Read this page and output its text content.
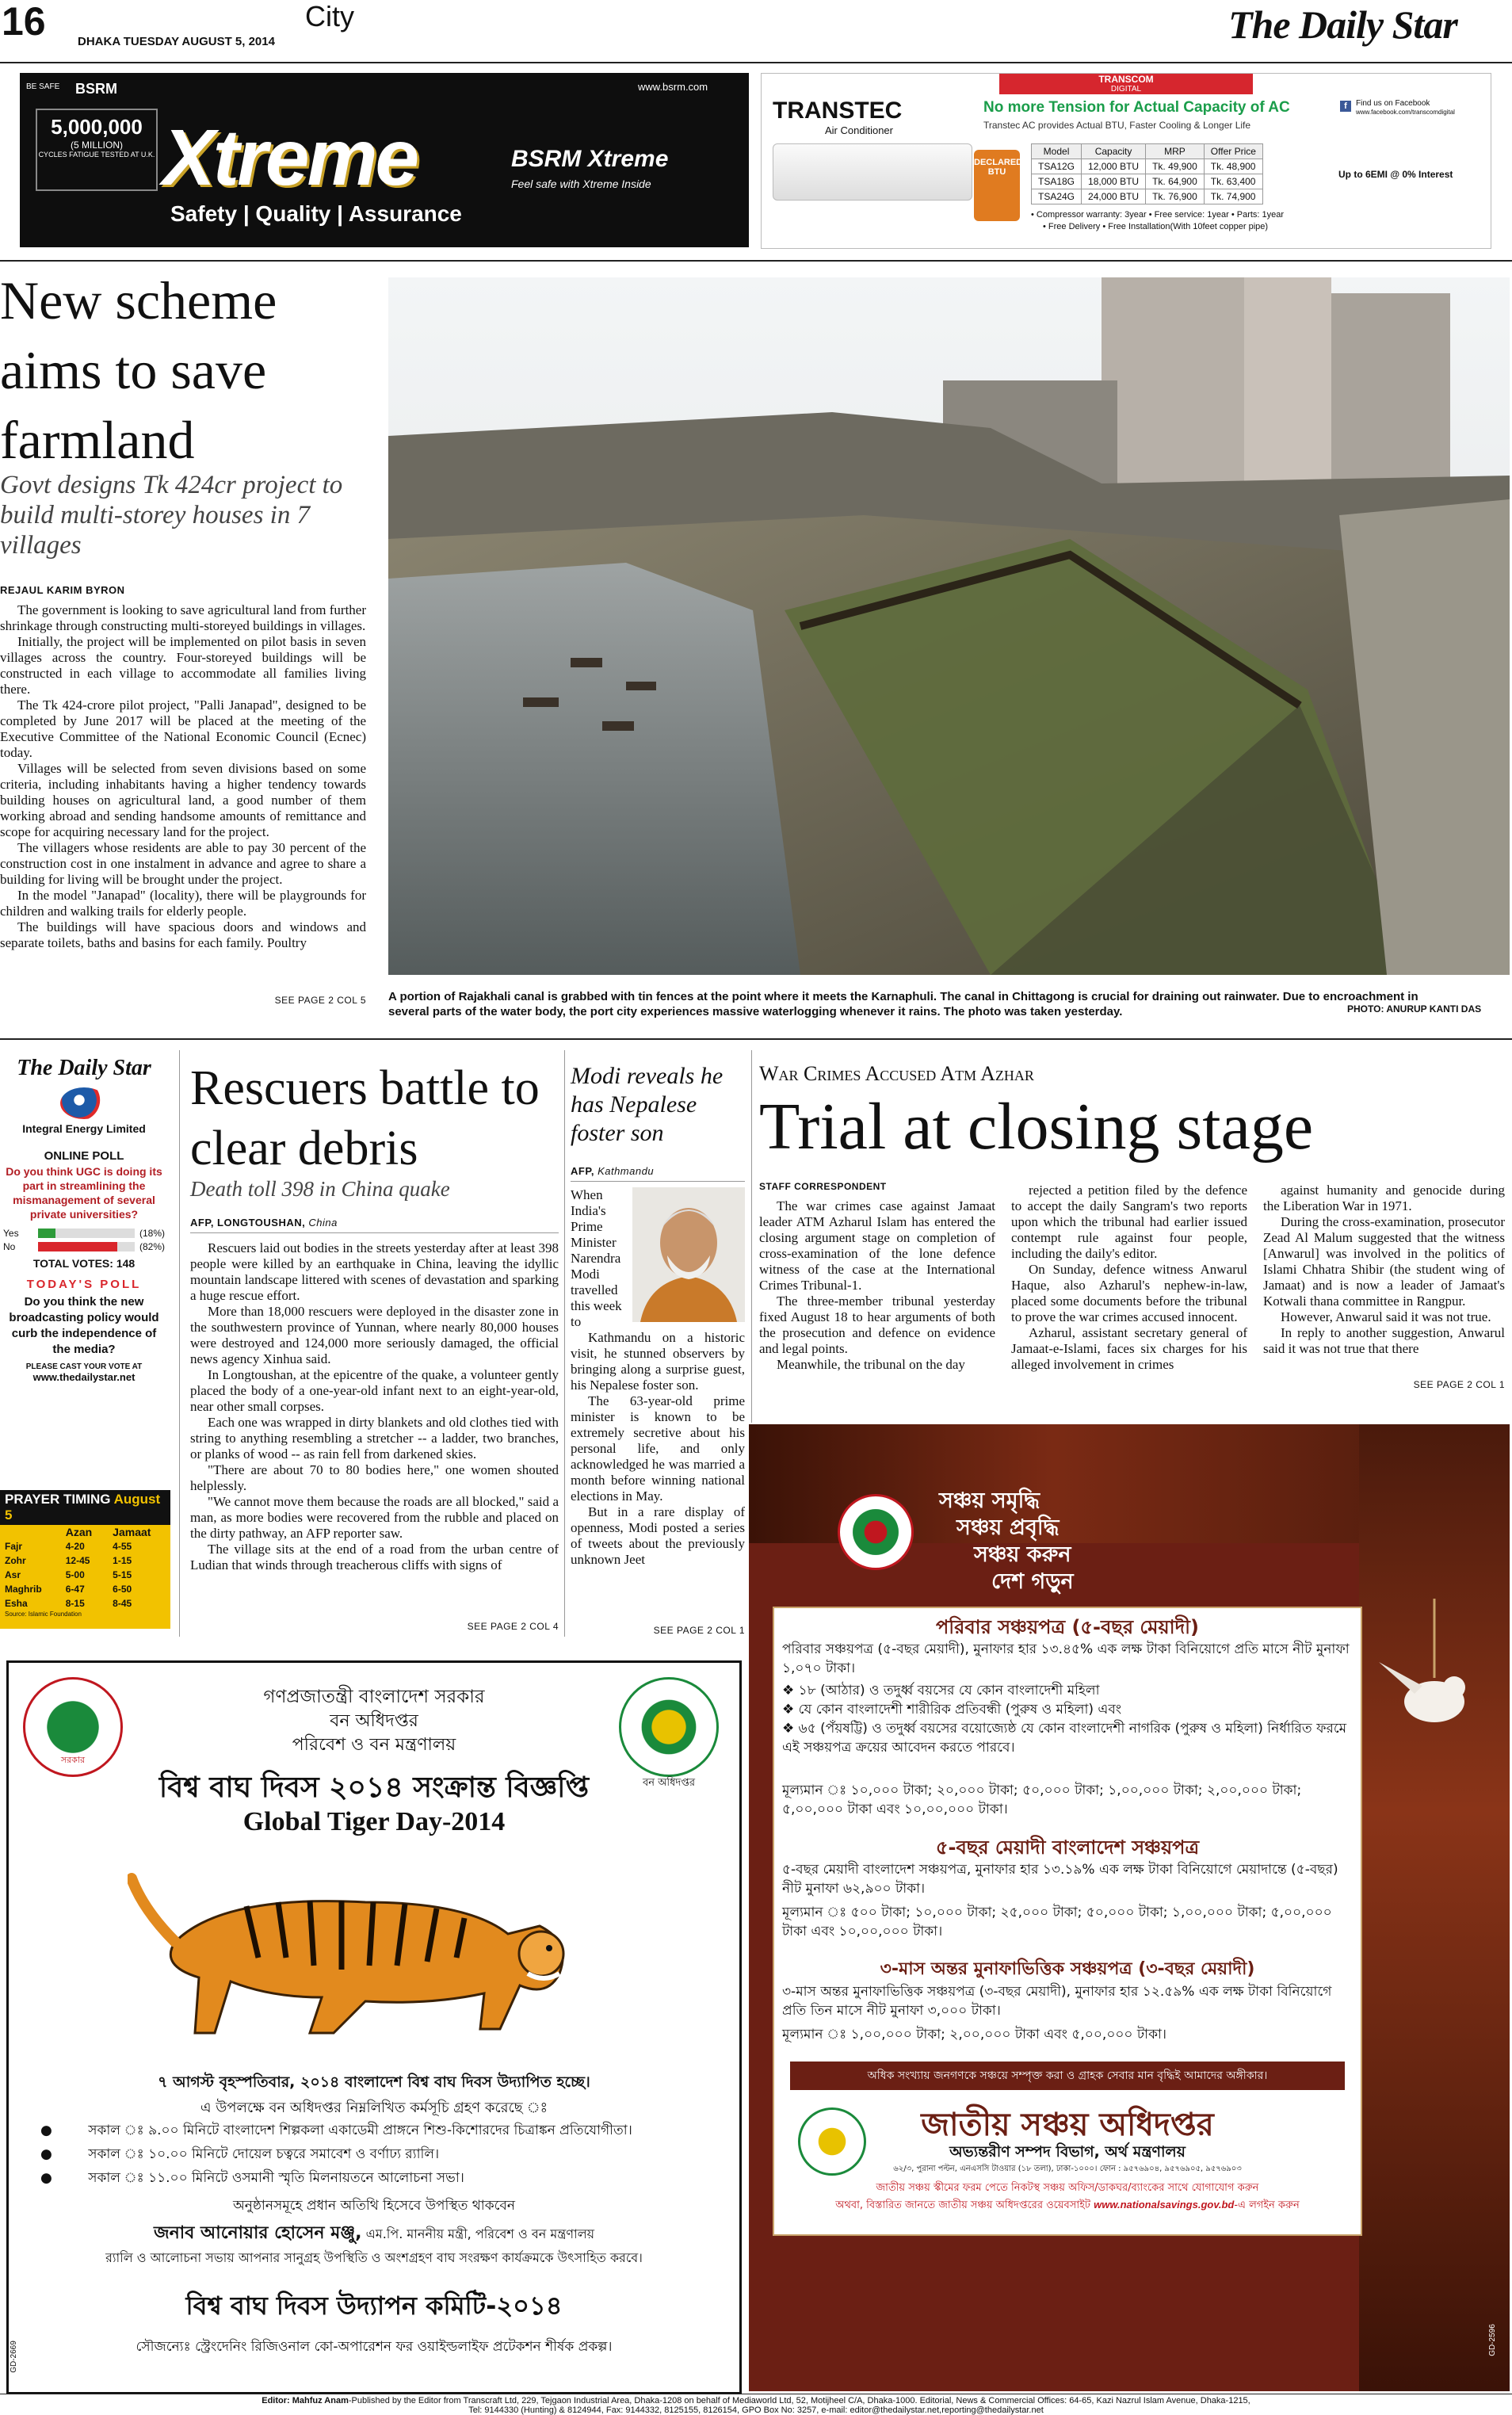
16	DHAKA TUESDAY AUGUST 5, 2014
City	The Daily Star
BSRM
BE SAFE
5,000,000
(5 MILLION)
CYCLES FATIGUE TESTED AT U.K. Xtreme
Safety | Quality | Assurance
www.bsrm.com
BSRM Xtreme
Feel safe with Xtreme Inside
TRANSCOM
DIGITAL
TRANSTEC
Air Conditioner
No more Tension for Actual Capacity of AC
Transtec AC provides Actual BTU, Faster Cooling & Longer Life
DECLARED BTU
Model	Capacity	MRP	Offer Price
TSA12G	12,000 BTU	Tk. 49,900	Tk. 48,900
TSA18G	18,000 BTU	Tk. 64,900	Tk. 63,400
TSA24G	24,000 BTU	Tk. 76,900	Tk. 74,900
• Compressor warranty: 3year • Free service: 1year • Parts: 1year
• Free Delivery • Free Installation(With 10feet copper pipe)
f	Find us on Facebook
www.facebook.com/transcomdigital
Up to 6EMI @ 0% Interest
New scheme aims to save farmland
Govt designs Tk 424cr project to build multi-storey houses in 7 villages
REJAUL KARIM BYRON

The government is looking to save agricultural land from further shrinkage through constructing multi-storeyed buildings in villages.

Initially, the project will be implemented on pilot basis in seven villages across the country. Four-storeyed buildings will be constructed in each village to accommodate all families living there.

The Tk 424-crore pilot project, "Palli Janapad", designed to be completed by June 2017 will be placed at the meeting of the Executive Committee of the National Economic Council (Ecnec) today.

Villages will be selected from seven divisions based on some criteria, including inhabitants having a higher tendency towards building houses on agricultural land, a good number of them working abroad and sending handsome amounts of remittance and scope for acquiring necessary land for the project.

The villagers whose residents are able to pay 30 percent of the construction cost in one instalment in advance and agree to share a building for living will be brought under the project.

In the model "Janapad" (locality), there will be playgrounds for children and walking trails for elderly people.

The buildings will have spacious doors and windows and separate toilets, baths and basins for each family. Poultry

SEE PAGE 2 COL 5 A portion of Rajakhali canal is grabbed with tin fences at the point where it meets the Karnaphuli. The canal in Chittagong is crucial for draining out rainwater. Due to encroachment in several parts of the water body, the port city experiences massive waterlogging whenever it rains. The photo was taken yesterday.	PHOTO: ANURUP KANTI DAS
The Daily Star
Integral Energy Limited
ONLINE POLL
Do you think UGC is doing its part in streamlining the mismanagement of several private universities?
Yes	(18%)
No	(82%)
TOTAL VOTES: 148
TODAY'S POLL
Do you think the new broadcasting policy would curb the independence of the media?
PLEASE CAST YOUR VOTE AT
www.thedailystar.net
PRAYER TIMING August 5
	Azan	Jamaat
Fajr	4-20	4-55
Zohr	12-45	1-15
Asr	5-00	5-15
Maghrib	6-47	6-50
Esha	8-15	8-45
Source: Islamic Foundation
Rescuers battle to clear debris
Death toll 398 in China quake
AFP, LONGTOUSHAN, China

Rescuers laid out bodies in the streets yesterday after at least 398 people were killed by an earthquake in China, leaving the idyllic mountain landscape littered with scenes of devastation and sparking a huge rescue effort.

More than 18,000 rescuers were deployed in the disaster zone in the southwestern province of Yunnan, where nearly 80,000 houses were destroyed and 124,000 more seriously damaged, the official news agency Xinhua said.

In Longtoushan, at the epicentre of the quake, a volunteer gently placed the body of a one-year-old infant next to an eight-year-old, near other small corpses.

Each one was wrapped in dirty blankets and old clothes tied with string to anything resembling a stretcher -- a ladder, two branches, or planks of wood -- as rain fell from darkened skies.

"There are about 70 to 80 bodies here," one women shouted helplessly.

"We cannot move them because the roads are all blocked," said a man, as more bodies were recovered from the rubble and placed on the dirty pathway, an AFP reporter saw.

The village sits at the end of a road from the urban centre of Ludian that winds through treacherous cliffs with signs of

SEE PAGE 2 COL 4
Modi reveals he has Nepalese foster son
AFP, Kathmandu
When
India's
Prime
Minister
Narendra
Modi
travelled
this week
to

Kathmandu on a historic visit, he stunned observers by bringing along a surprise guest, his Nepalese foster son.

The 63-year-old prime minister is known to be extremely secretive about his personal life, and only acknowledged he was married a month before winning national elections in May.

But in a rare display of openness, Modi posted a series of tweets about the previously unknown Jeet

SEE PAGE 2 COL 1
War Crimes Accused Atm Azhar
Trial at closing stage
STAFF CORRESPONDENT

The war crimes case against Jamaat leader ATM Azharul Islam has entered the closing argument stage on completion of cross-examination of the lone defence witness of the case at the International Crimes Tribunal-1.

The three-member tribunal yesterday fixed August 18 to hear arguments of both the prosecution and defence on evidence and legal points.

Meanwhile, the tribunal on the day

rejected a petition filed by the defence to accept the daily Sangram's two reports upon which the tribunal had earlier issued contempt rule against four people, including the daily's editor.

On Sunday, defence witness Anwarul Haque, also Azharul's nephew-in-law, placed some documents before the tribunal to prove the war crimes accused innocent.

Azharul, assistant secretary general of Jamaat-e-Islami, faces six charges for his alleged involvement in crimes

against humanity and genocide during the Liberation War in 1971.

During the cross-examination, prosecutor Zead Al Malum suggested that the witness [Anwarul] was involved in the politics of Islami Chhatra Shibir (the student wing of Jamaat) and is now a leader of Jamaat's Kotwali thana committee in Rangpur.

However, Anwarul said it was not true.

In reply to another suggestion, Anwarul said it was not true that there

SEE PAGE 2 COL 1
সরকার
বন অধিদপ্তর
গণপ্রজাতন্ত্রী বাংলাদেশ সরকার
বন অধিদপ্তর
পরিবেশ ও বন মন্ত্রণালয়
বিশ্ব বাঘ দিবস ২০১৪ সংক্রান্ত বিজ্ঞপ্তি
Global Tiger Day-2014
৭ আগস্ট বৃহস্পতিবার, ২০১৪ বাংলাদেশ বিশ্ব বাঘ দিবস উদ্যাপিত হচ্ছে।
এ উপলক্ষে বন অধিদপ্তর নিম্নলিখিত কর্মসূচি গ্রহণ করেছে ঃ
● সকাল ঃ ৯.০০ মিনিটে বাংলাদেশ শিল্পকলা একাডেমী প্রাঙ্গনে শিশু-কিশোরদের চিত্রাঙ্কন প্রতিযোগীতা।
● সকাল ঃ ১০.০০ মিনিটে দোয়েল চত্বরে সমাবেশ ও বর্ণাঢ্য র‍্যালি।
● সকাল ঃ ১১.০০ মিনিটে ওসমানী স্মৃতি মিলনায়তনে আলোচনা সভা।
অনুষ্ঠানসমূহে প্রধান অতিথি হিসেবে উপস্থিত থাকবেন
জনাব আনোয়ার হোসেন মঞ্জু, এম.পি. মাননীয় মন্ত্রী, পরিবেশ ও বন মন্ত্রণালয়
র‍্যালি ও আলোচনা সভায় আপনার সানুগ্রহ উপস্থিতি ও অংশগ্রহণ বাঘ সংরক্ষণ কার্যক্রমকে উৎসাহিত করবে।
বিশ্ব বাঘ দিবস উদ্যাপন কমিটি-২০১৪
সৌজন্যেঃ স্ট্রেংদেনিং রিজিওনাল কো-অপারেশন ফর ওয়াইল্ডলাইফ প্রটেকশন শীর্ষক প্রকল্প।
GD-2669
সঞ্চয় সমৃদ্ধি
সঞ্চয় প্রবৃদ্ধি
সঞ্চয় করুন
দেশ গড়ুন
পরিবার সঞ্চয়পত্র (৫-বছর মেয়াদী)
পরিবার সঞ্চয়পত্র (৫-বছর মেয়াদী), মুনাফার হার ১৩.৪৫% এক লক্ষ টাকা বিনিয়োগে প্রতি মাসে নীট মুনাফা ১,০৭০ টাকা।
❖ ১৮ (আঠার) ও তদুর্ধ্ব বয়সের যে কোন বাংলাদেশী মহিলা
❖ যে কোন বাংলাদেশী শারীরিক প্রতিবন্ধী (পুরুষ ও মহিলা) এবং
❖ ৬৫ (পঁয়ষট্টি) ও তদুর্ধ্ব বয়সের বয়োজ্যেষ্ঠ যে কোন বাংলাদেশী নাগরিক (পুরুষ ও মহিলা) নির্ধারিত ফরমে এই সঞ্চয়পত্র ক্রয়ের আবেদন করতে পারবে।
মূল্যমান ঃ ১০,০০০ টাকা; ২০,০০০ টাকা; ৫০,০০০ টাকা; ১,০০,০০০ টাকা; ২,০০,০০০ টাকা; ৫,০০,০০০ টাকা এবং ১০,০০,০০০ টাকা।
৫-বছর মেয়াদী বাংলাদেশ সঞ্চয়পত্র
৫-বছর মেয়াদী বাংলাদেশ সঞ্চয়পত্র, মুনাফার হার ১৩.১৯% এক লক্ষ টাকা বিনিয়োগে মেয়াদান্তে (৫-বছর) নীট মুনাফা ৬২,৯০০ টাকা।
মূল্যমান ঃ ৫০০ টাকা; ১০,০০০ টাকা; ২৫,০০০ টাকা; ৫০,০০০ টাকা; ১,০০,০০০ টাকা; ৫,০০,০০০ টাকা এবং ১০,০০,০০০ টাকা।
৩-মাস অন্তর মুনাফাভিত্তিক সঞ্চয়পত্র (৩-বছর মেয়াদী)
৩-মাস অন্তর মুনাফাভিত্তিক সঞ্চয়পত্র (৩-বছর মেয়াদী), মুনাফার হার ১২.৫৯% এক লক্ষ টাকা বিনিয়োগে প্রতি তিন মাসে নীট মুনাফা ৩,০০০ টাকা।
মূল্যমান ঃ ১,০০,০০০ টাকা; ২,০০,০০০ টাকা এবং ৫,০০,০০০ টাকা।
অধিক সংখ্যায় জনগণকে সঞ্চয়ে সম্পৃক্ত করা ও গ্রাহক সেবার মান বৃদ্ধিই আমাদের অঙ্গীকার।
জাতীয় সঞ্চয় অধিদপ্তর
অভ্যন্তরীণ সম্পদ বিভাগ, অর্থ মন্ত্রণালয়
৬২/৩, পুরানা পল্টন, এনএসসি টাওয়ার (১৮ তলা), ঢাকা-১০০০। ফোন : ৯৫৭৬৯০৪, ৯৫৭৬৯০৫, ৯৫৭৬৯০৩
জাতীয় সঞ্চয় স্কীমের ফরম পেতে নিকটস্থ সঞ্চয় অফিস/ডাকঘর/ব্যাংকের সাথে যোগাযোগ করুন
অথবা, বিস্তারিত জানতে জাতীয় সঞ্চয় অধিদপ্তরের ওয়েবসাইট www.nationalsavings.gov.bd-এ লগইন করুন
GD-2596
Editor: Mahfuz Anam-Published by the Editor from Transcraft Ltd, 229, Tejgaon Industrial Area, Dhaka-1208 on behalf of Mediaworld Ltd, 52, Motijheel C/A, Dhaka-1000. Editorial, News & Commercial Offices: 64-65, Kazi Nazrul Islam Avenue, Dhaka-1215,
Tel: 9144330 (Hunting) & 8124944, Fax: 9144332, 8125155, 8126154, GPO Box No: 3257, e-mail: editor@thedailystar.net,reporting@thedailystar.net
